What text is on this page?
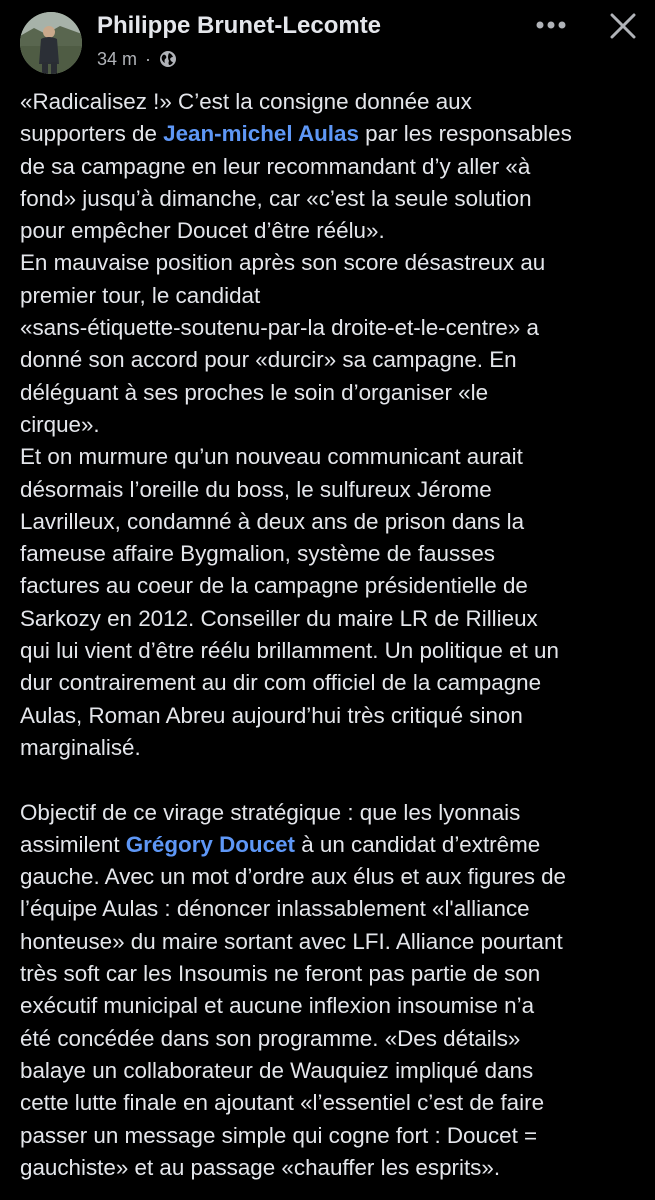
Philippe Brunet-Lecomte
34 m ·

«Radicalisez !» C’est la consigne donnée aux
supporters de Jean-michel Aulas par les responsables
de sa campagne en leur recommandant d’y aller «à
fond» jusqu’à dimanche, car «c’est la seule solution
pour empêcher Doucet d’être réélu».

En mauvaise position après son score désastreux au
premier tour, le candidat
«sans-étiquette-soutenu-par-la droite-et-le-centre» a
donné son accord pour «durcir» sa campagne. En
déléguant à ses proches le soin d’organiser «le
cirque».

Et on murmure qu’un nouveau communicant aurait
désormais l’oreille du boss, le sulfureux Jérome
Lavrilleux, condamné à deux ans de prison dans la
fameuse affaire Bygmalion, système de fausses
factures au coeur de la campagne présidentielle de
Sarkozy en 2012. Conseiller du maire LR de Rillieux
qui lui vient d’être réélu brillamment. Un politique et un
dur contrairement au dir com officiel de la campagne
Aulas, Roman Abreu aujourd’hui très critiqué sinon
marginalisé.

Objectif de ce virage stratégique : que les lyonnais
assimilent Grégory Doucet à un candidat d’extrême
gauche. Avec un mot d’ordre aux élus et aux figures de
l’équipe Aulas : dénoncer inlassablement «l'alliance
honteuse» du maire sortant avec LFI. Alliance pourtant
très soft car les Insoumis ne feront pas partie de son
exécutif municipal et aucune inflexion insoumise n’a
été concédée dans son programme. «Des détails»
balaye un collaborateur de Wauquiez impliqué dans
cette lutte finale en ajoutant «l’essentiel c’est de faire
passer un message simple qui cogne fort : Doucet =
gauchiste» et au passage «chauffer les esprits».
